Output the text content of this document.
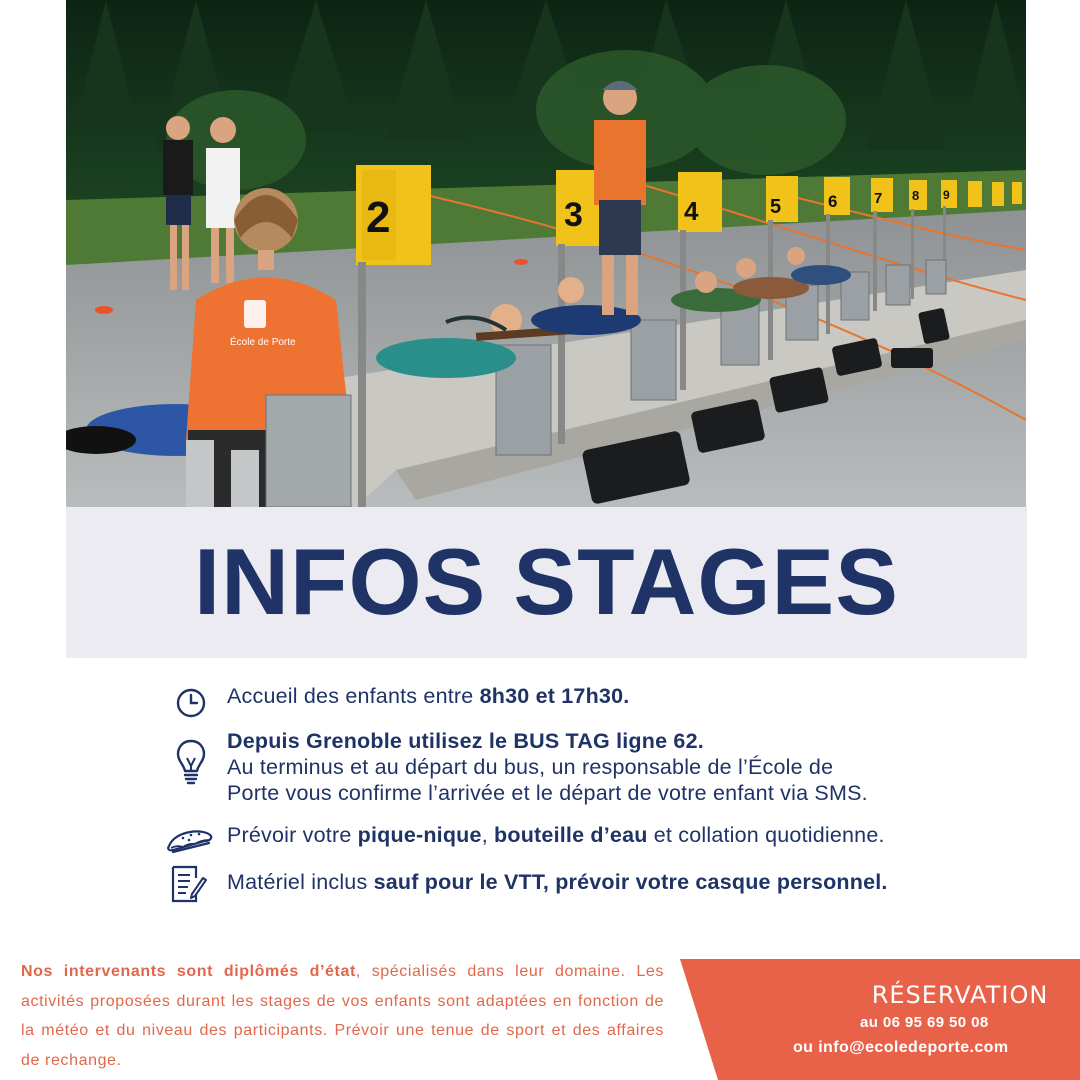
2	3	4	5	6 7 8 9
École de Porte
INFOS STAGES
Accueil des enfants entre 8h30 et 17h30.
Depuis Grenoble utilisez le BUS TAG ligne 62.
Au terminus et au départ du bus, un responsable de l’École de
Porte vous confirme l’arrivée et le départ de votre enfant via SMS.
Prévoir votre pique-nique, bouteille d’eau et collation quotidienne.
Matériel inclus sauf pour le VTT, prévoir votre casque personnel.
Nos intervenants sont diplômés d’état, spécialisés dans leur domaine. Les activités proposées durant les stages de vos enfants sont adaptées en fonction de la météo et du niveau des participants. Prévoir une tenue de sport et des affaires de rechange.
RÉSERVATION
au 06 95 69 50 08
ou info@ecoledeporte.com
